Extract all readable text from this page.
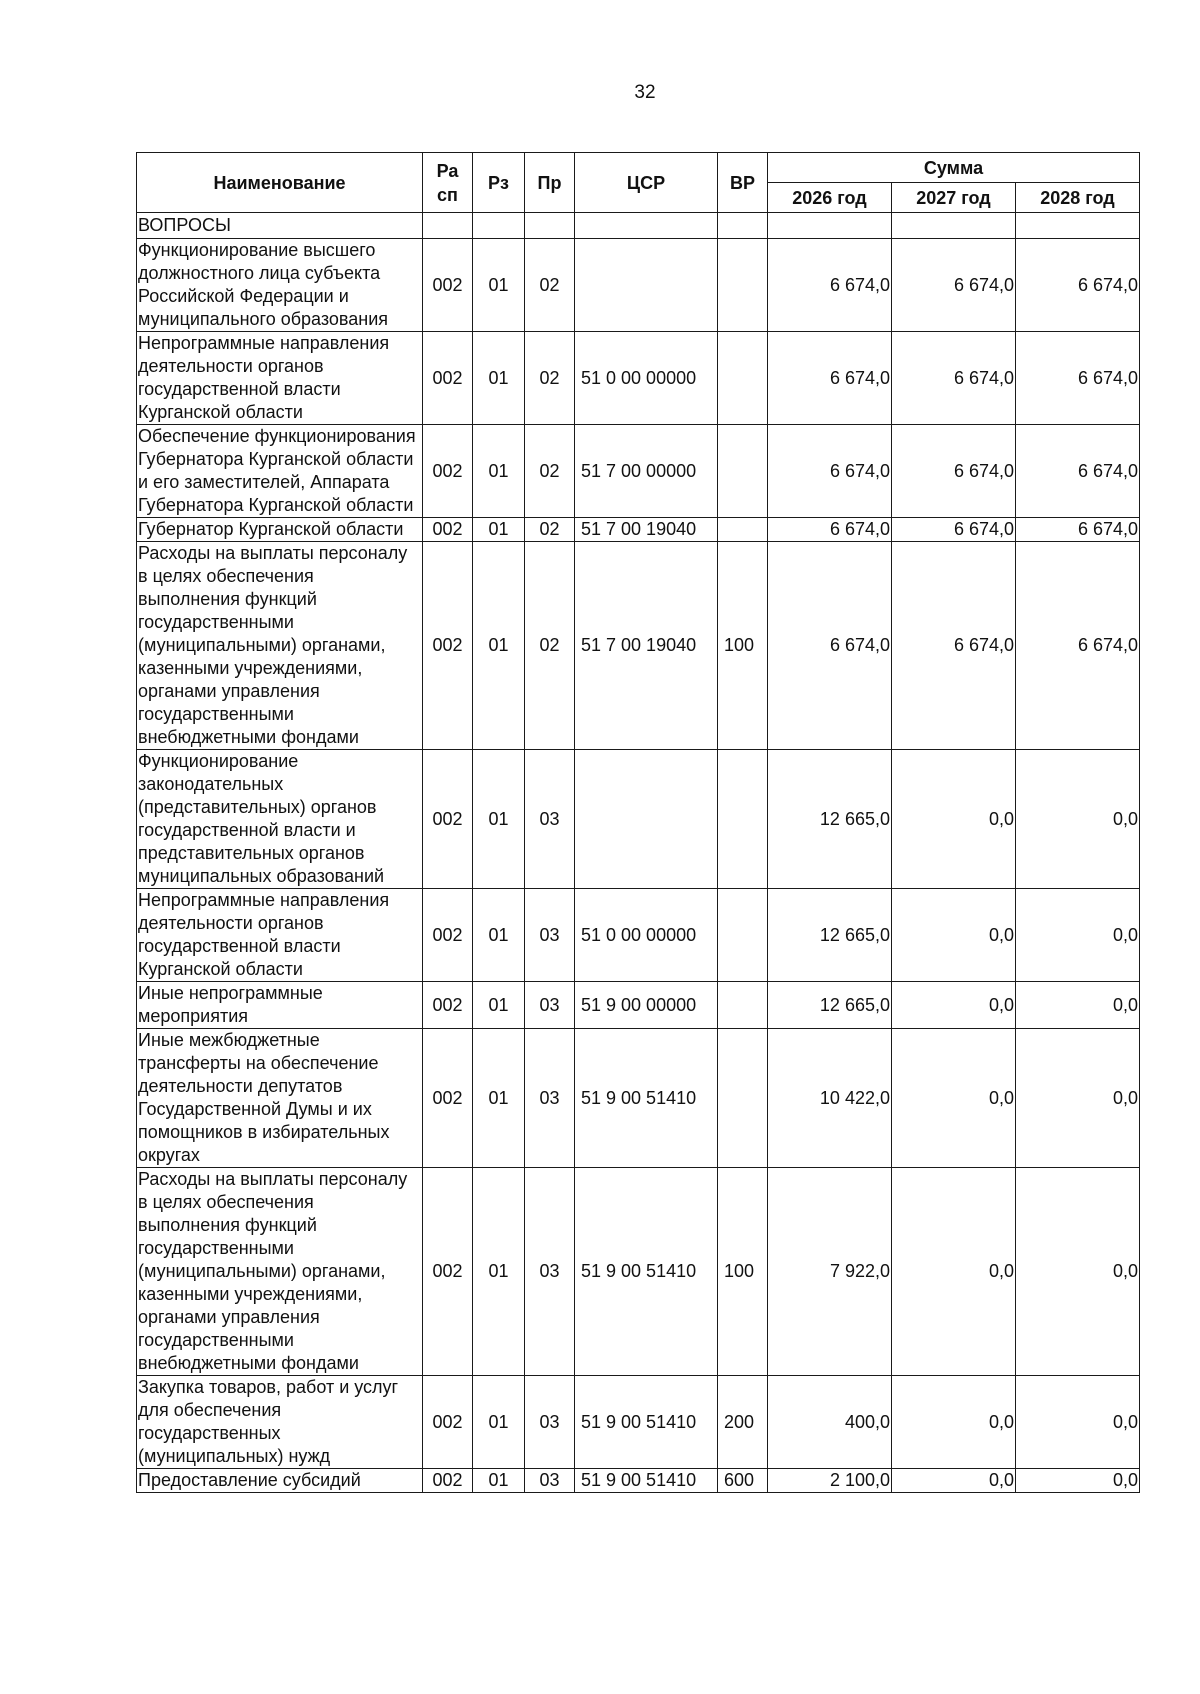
32
Наименование	Ра сп	Рз	Пр	ЦСР	ВР	Сумма		
						2026 год	2027 год	2028 год
ВОПРОСЫ								
Функционирование высшего должностного лица субъекта Российской Федерации и муниципального образования	002	01	02			6 674,0	6 674,0	6 674,0
Непрограммные направления деятельности органов государственной власти Курганской области	002	01	02	51 0 00 00000		6 674,0	6 674,0	6 674,0
Обеспечение функционирования Губернатора Курганской области и его заместителей, Аппарата Губернатора Курганской области	002	01	02	51 7 00 00000		6 674,0	6 674,0	6 674,0
Губернатор Курганской области	002	01	02	51 7 00 19040		6 674,0	6 674,0	6 674,0
Расходы на выплаты персоналу в целях обеспечения выполнения функций государственными (муниципальными) органами, казенными учреждениями, органами управления государственными внебюджетными фондами	002	01	02	51 7 00 19040	100	6 674,0	6 674,0	6 674,0
Функционирование законодательных (представительных) органов государственной власти и представительных органов муниципальных образований	002	01	03			12 665,0	0,0	0,0
Непрограммные направления деятельности органов государственной власти Курганской области	002	01	03	51 0 00 00000		12 665,0	0,0	0,0
Иные непрограммные мероприятия	002	01	03	51 9 00 00000		12 665,0	0,0	0,0
Иные межбюджетные трансферты на обеспечение деятельности депутатов Государственной Думы и их помощников в избирательных округах	002	01	03	51 9 00 51410		10 422,0	0,0	0,0
Расходы на выплаты персоналу в целях обеспечения выполнения функций государственными (муниципальными) органами, казенными учреждениями, органами управления государственными внебюджетными фондами	002	01	03	51 9 00 51410	100	7 922,0	0,0	0,0
Закупка товаров, работ и услуг для обеспечения государственных (муниципальных) нужд	002	01	03	51 9 00 51410	200	400,0	0,0	0,0
Предоставление субсидий	002	01	03	51 9 00 51410	600	2 100,0	0,0	0,0
